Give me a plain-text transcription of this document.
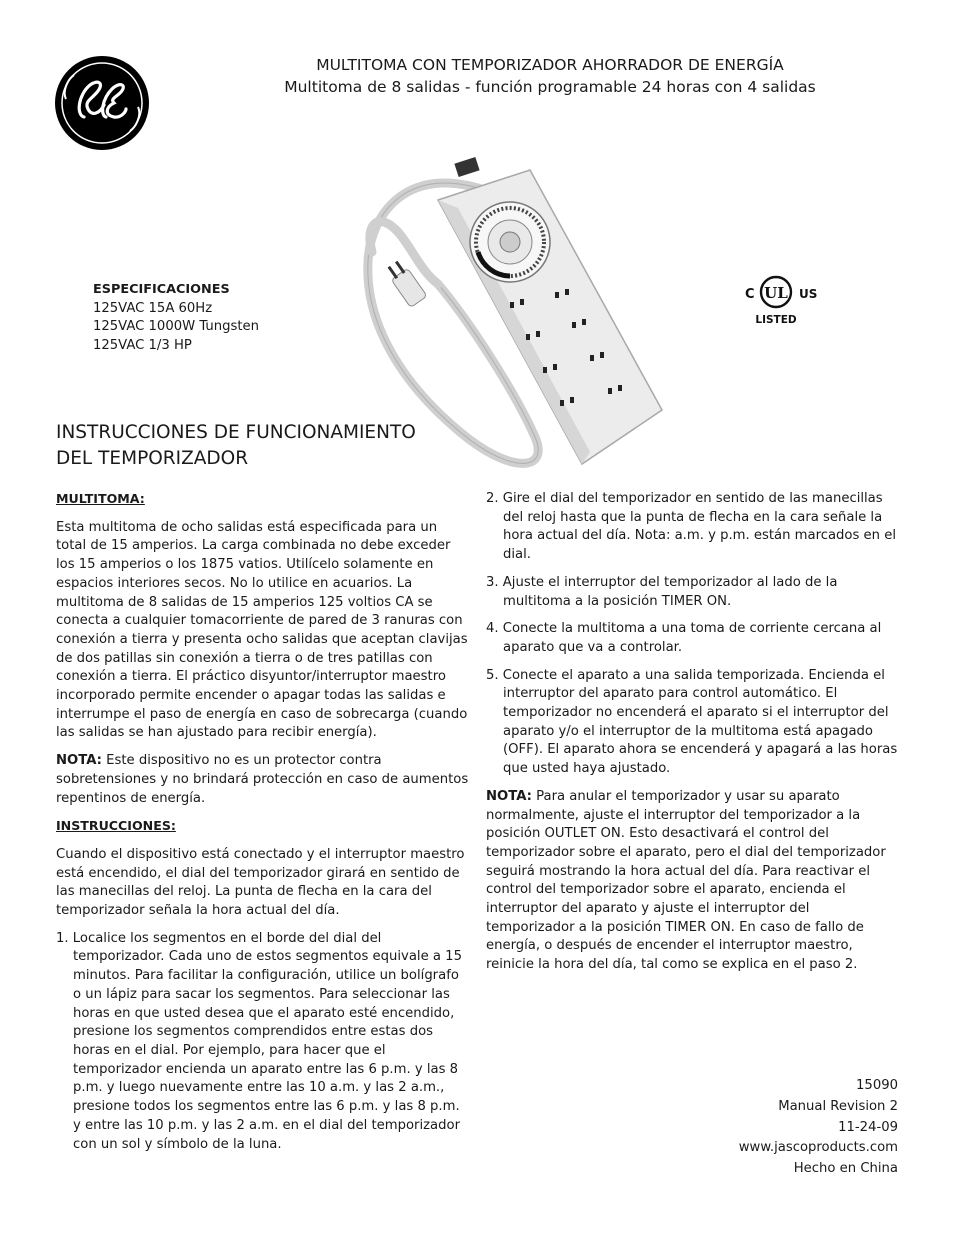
MULTITOMA CON TEMPORIZADOR AHORRADOR DE ENERGÍA
Multitoma de 8 salidas - función programable 24 horas con 4 salidas
ESPECIFICACIONES
125VAC 15A 60Hz
125VAC 1000W Tungsten
125VAC 1/3 HP
C UL US
LISTED
INSTRUCCIONES DE FUNCIONAMIENTO
DEL TEMPORIZADOR

MULTITOMA:

Esta multitoma de ocho salidas está especificada para un total de 15 amperios. La carga combinada no debe exceder los 15 amperios o los 1875 vatios. Utilícelo solamente en espacios interiores secos. No lo utilice en acuarios. La multitoma de 8 salidas de 15 amperios 125 voltios CA se conecta a cualquier tomacorriente de pared de 3 ranuras con conexión a tierra y presenta ocho salidas que aceptan clavijas de dos patillas sin conexión a tierra o de tres patillas con conexión a tierra. El práctico disyuntor/interruptor maestro incorporado permite encender o apagar todas las salidas e interrumpe el paso de energía en caso de sobrecarga (cuando las salidas se han ajustado para recibir energía).

NOTA: Este dispositivo no es un protector contra sobretensiones y no brindará protección en caso de aumentos repentinos de energía.

INSTRUCCIONES:

Cuando el dispositivo está conectado y el interruptor maestro está encendido, el dial del temporizador girará en sentido de las manecillas del reloj. La punta de flecha en la cara del temporizador señala la hora actual del día.

1. Localice los segmentos en el borde del dial del temporizador. Cada uno de estos segmentos equivale a 15 minutos. Para facilitar la configuración, utilice un bolígrafo o un lápiz para sacar los segmentos. Para seleccionar las horas en que usted desea que el aparato esté encendido, presione los segmentos comprendidos entre estas dos horas en el dial. Por ejemplo, para hacer que el temporizador encienda un aparato entre las 6 p.m. y las 8 p.m. y luego nuevamente entre las 10 a.m. y las 2 a.m., presione todos los segmentos entre las 6 p.m. y las 8 p.m. y entre las 10 p.m. y las 2 a.m. en el dial del temporizador con un sol y símbolo de la luna.

2. Gire el dial del temporizador en sentido de las manecillas del reloj hasta que la punta de flecha en la cara señale la hora actual del día. Nota: a.m. y p.m. están marcados en el dial.

3. Ajuste el interruptor del temporizador al lado de la multitoma a la posición TIMER ON.

4. Conecte la multitoma a una toma de corriente cercana al aparato que va a controlar.

5. Conecte el aparato a una salida temporizada. Encienda el interruptor del aparato para control automático. El temporizador no encenderá el aparato si el interruptor del aparato y/o el interruptor de la multitoma está apagado (OFF). El aparato ahora se encenderá y apagará a las horas que usted haya ajustado.

NOTA: Para anular el temporizador y usar su aparato normalmente, ajuste el interruptor del temporizador a la posición OUTLET ON. Esto desactivará el control del temporizador sobre el aparato, pero el dial del temporizador seguirá mostrando la hora actual del día. Para reactivar el control del temporizador sobre el aparato, encienda el interruptor del aparato y ajuste el interruptor del temporizador a la posición TIMER ON. En caso de fallo de energía, o después de encender el interruptor maestro, reinicie la hora del día, tal como se explica en el paso 2.

15090
Manual Revision 2
11-24-09
www.jascoproducts.com
Hecho en China
